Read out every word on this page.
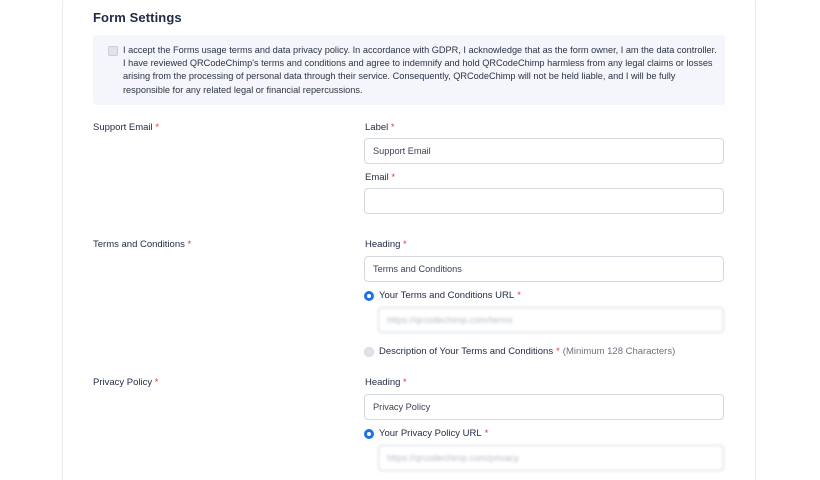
Form Settings

I accept the Forms usage terms and data privacy policy. In accordance with GDPR, I acknowledge that as the form owner, I am the data controller. I have reviewed QRCodeChimp's terms and conditions and agree to indemnify and hold QRCodeChimp harmless from any legal claims or losses arising from the processing of personal data through their service. Consequently, QRCodeChimp will not be held liable, and I will be fully responsible for any related legal or financial repercussions.

Support Email *	Label *
Support Email
Email *
Terms and Conditions *	Heading *
Terms and Conditions
Your Terms and Conditions URL *
https://qrcodechimp.com/terms
Description of Your Terms and Conditions * (Minimum 128 Characters)
Privacy Policy *	Heading *
Privacy Policy
Your Privacy Policy URL *
https://qrcodechimp.com/privacy
